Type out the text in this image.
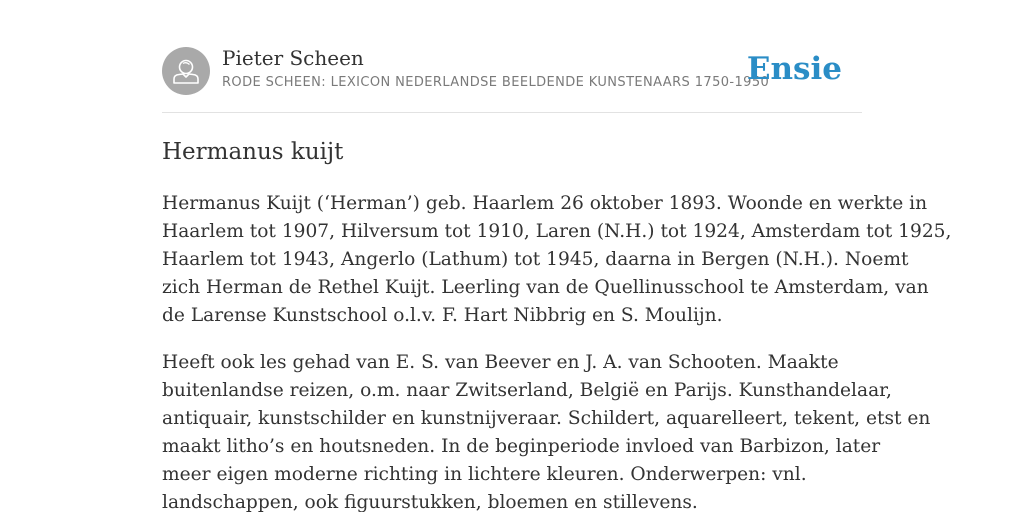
Pieter Scheen
RODE SCHEEN: LEXICON NEDERLANDSE BEELDENDE KUNSTENAARS 1750-1950
Ensie
Hermanus kuijt

Hermanus Kuijt (‘Herman’) geb. Haarlem 26 oktober 1893. Woonde en werkte in
Haarlem tot 1907, Hilversum tot 1910, Laren (N.H.) tot 1924, Amsterdam tot 1925,
Haarlem tot 1943, Angerlo (Lathum) tot 1945, daarna in Bergen (N.H.). Noemt
zich Herman de Rethel Kuijt. Leerling van de Quellinusschool te Amsterdam, van
de Larense Kunstschool o.l.v. F. Hart Nibbrig en S. Moulijn.

Heeft ook les gehad van E. S. van Beever en J. A. van Schooten. Maakte
buitenlandse reizen, o.m. naar Zwitserland, België en Parijs. Kunsthandelaar,
antiquair, kunstschilder en kunstnijveraar. Schildert, aquarelleert, tekent, etst en
maakt litho’s en houtsneden. In de beginperiode invloed van Barbizon, later
meer eigen moderne richting in lichtere kleuren. Onderwerpen: vnl.
landschappen, ook figuurstukken, bloemen en stillevens.
